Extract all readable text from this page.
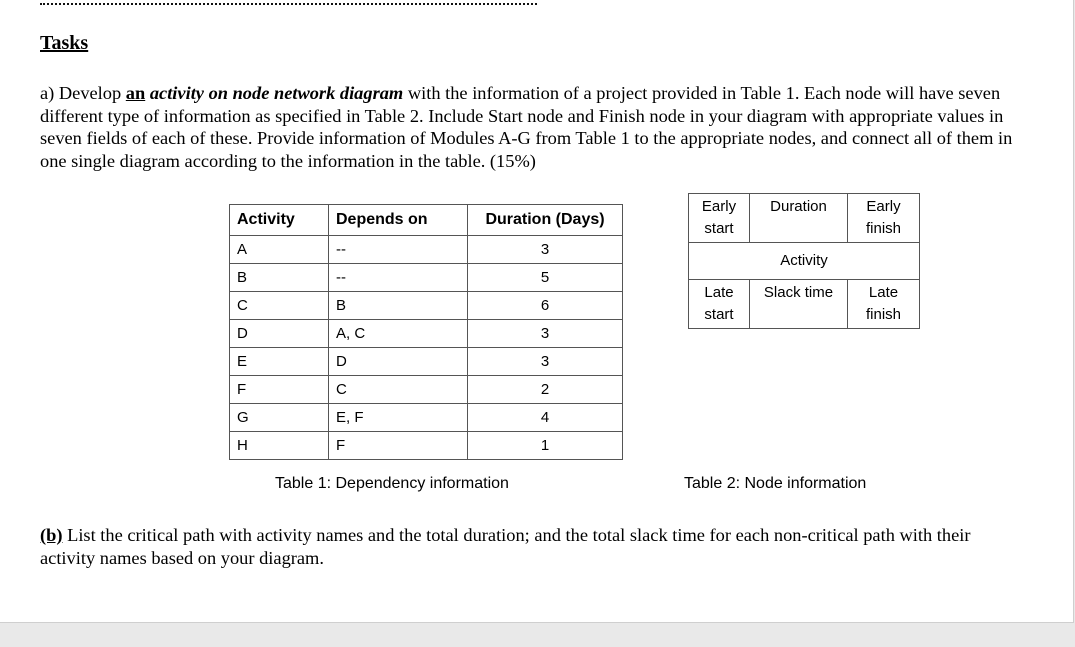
Tasks
a) Develop an activity on node network diagram with the information of a project provided in Table 1. Each node will have seven different type of information as specified in Table 2. Include Start node and Finish node in your diagram with appropriate values in seven fields of each of these. Provide information of Modules A-G from Table 1 to the appropriate nodes, and connect all of them in one single diagram according to the information in the table. (15%)
Activity	Depends on	Duration (Days)
A	--	3
B	--	5
C	B	6
D	A, C	3
E	D	3
F	C	2
G	E, F	4
H	F	1
Early start	Duration	Early finish
Activity		
Late start	Slack time	Late finish
Table 1: Dependency information	Table 2: Node information
(b) List the critical path with activity names and the total duration; and the total slack time for each non-critical path with their
activity names based on your diagram.
